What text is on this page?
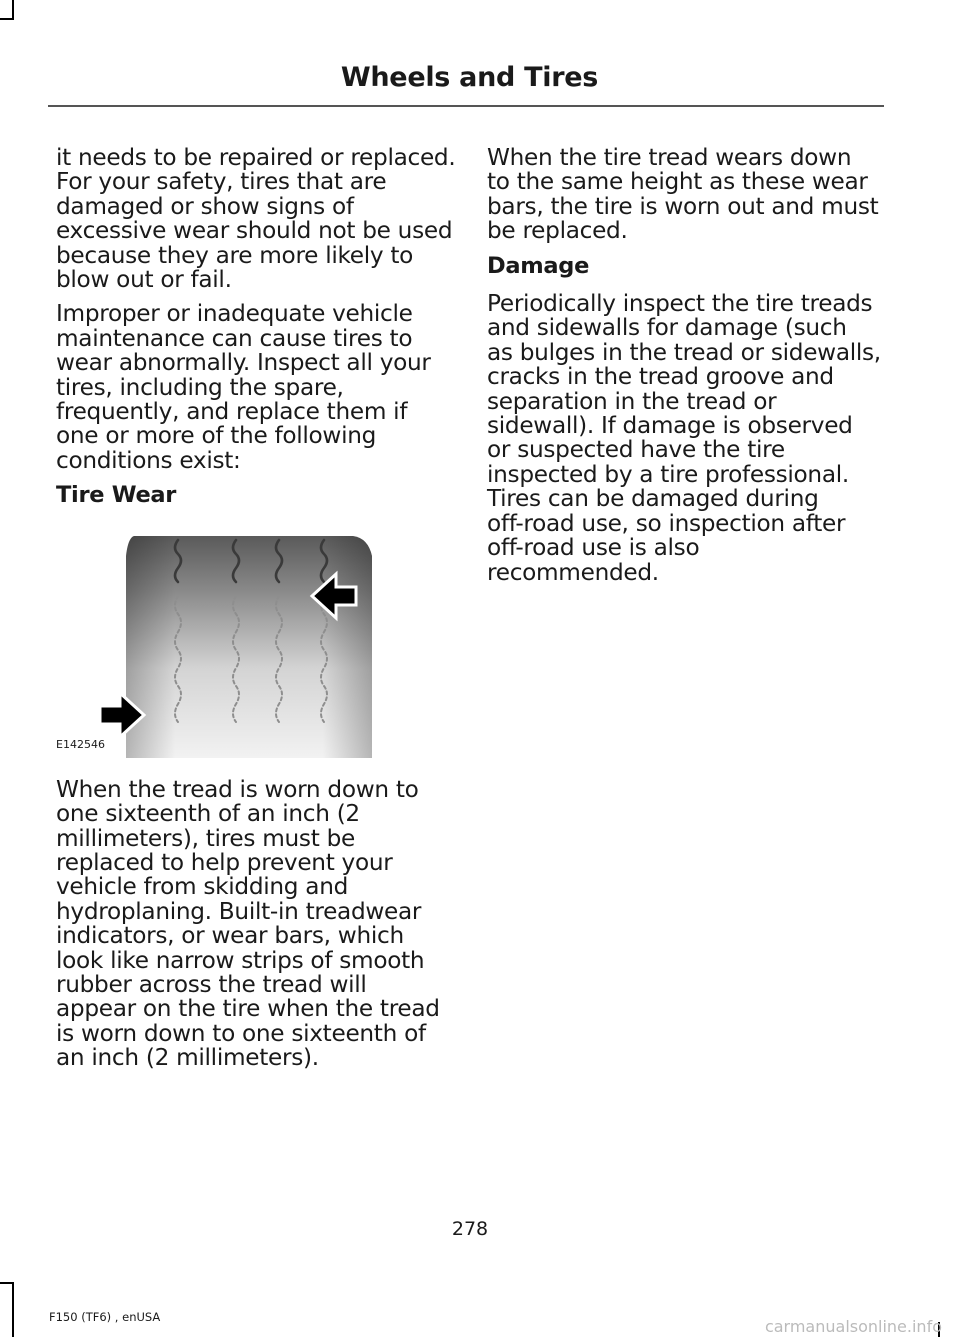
Wheels and Tires

it needs to be repaired or replaced.
For your safety, tires that are
damaged or show signs of
excessive wear should not be used
because they are more likely to
blow out or fail.

Improper or inadequate vehicle
maintenance can cause tires to
wear abnormally. Inspect all your
tires, including the spare,
frequently, and replace them if
one or more of the following
conditions exist:

Tire Wear
E142546

When the tread is worn down to
one sixteenth of an inch (2
millimeters), tires must be
replaced to help prevent your
vehicle from skidding and
hydroplaning. Built-in treadwear
indicators, or wear bars, which
look like narrow strips of smooth
rubber across the tread will
appear on the tire when the tread
is worn down to one sixteenth of
an inch (2 millimeters).

When the tire tread wears down
to the same height as these wear
bars, the tire is worn out and must
be replaced.

Damage

Periodically inspect the tire treads
and sidewalls for damage (such
as bulges in the tread or sidewalls,
cracks in the tread groove and
separation in the tread or
sidewall). If damage is observed
or suspected have the tire
inspected by a tire professional.
Tires can be damaged during
off-road use, so inspection after
off-road use is also
recommended.

278
F150 (TF6) , enUSA	carmanualsonline.info
